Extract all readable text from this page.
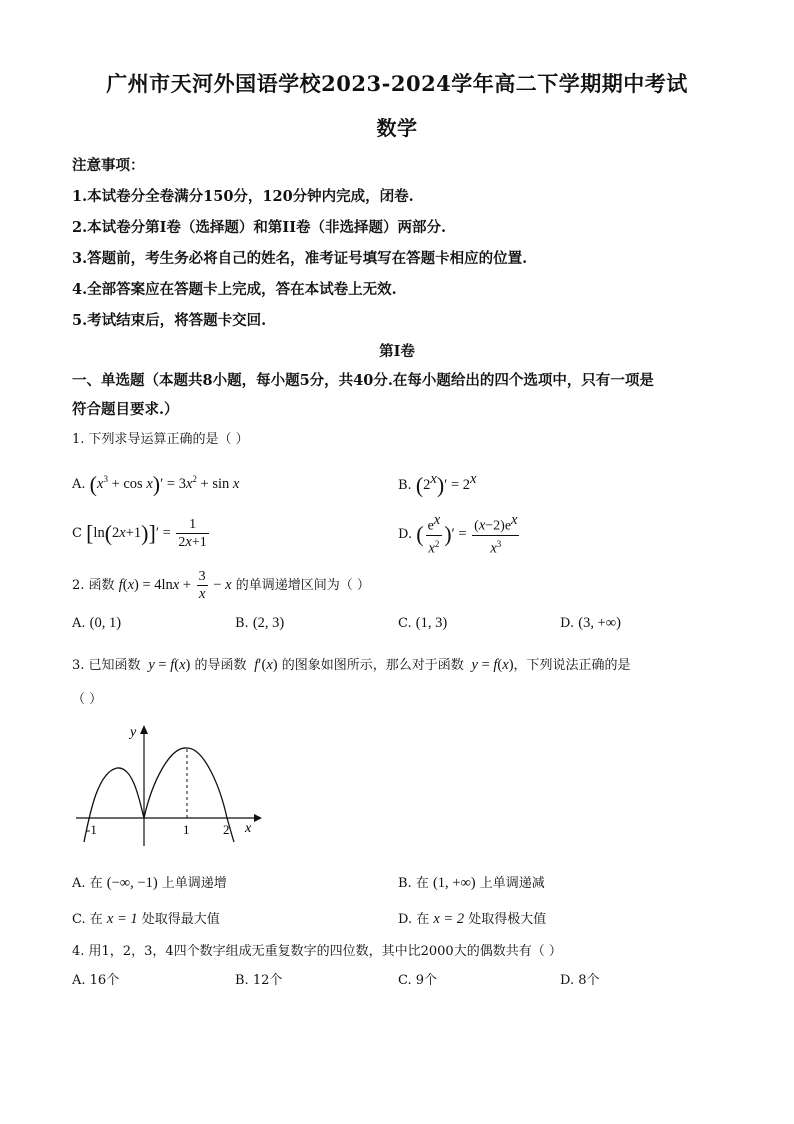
广州市天河外国语学校2023-2024学年高二下学期期中考试
数学
注意事项：
1.本试卷分全卷满分150分，120分钟内完成，闭卷.
2.本试卷分第I卷（选择题）和第II卷（非选择题）两部分.
3.答题前，考生务必将自己的姓名，准考证号填写在答题卡相应的位置.
4.全部答案应在答题卡上完成，答在本试卷上无效.
5.考试结束后，将答题卡交回.
第I卷
一、单选题（本题共8小题，每小题5分，共40分.在每小题给出的四个选项中，只有一项是
符合题目要求.）
1. 下列求导运算正确的是（ ）
A. $(x^3 + \cos x)' = 3x^2 + \sin x$	B. $(2^x)' = 2^x$
C $[\ln(2x+1)]' = \frac{1}{2x+1}$	D. ( $\frac{e^x}{x^2}$ )′ = $\frac{(x-2)e^x}{x^3}$
2. 函数 $f(x) = 4\ln x + \frac{3}{x} - x$ 的单调递增区间为（ ）
A. (0, 1)	B. (2, 3)	C. (1, 3)	D. (3, +∞)
3. 已知函数 y = f(x) 的导函数 f′(x) 的图象如图所示，那么对于函数 y = f(x)，下列说法正确的是
（ ）
y
x
-1	1	2
A. 在 (−∞, −1) 上单调递增	B. 在 (1, +∞) 上单调递减
C. 在 x = 1 处取得最大值	D. 在 x = 2 处取得极大值
4. 用1，2，3，4四个数字组成无重复数字的四位数，其中比2000大的偶数共有（ ）
A. 16个	B. 12个	C. 9个	D. 8个
